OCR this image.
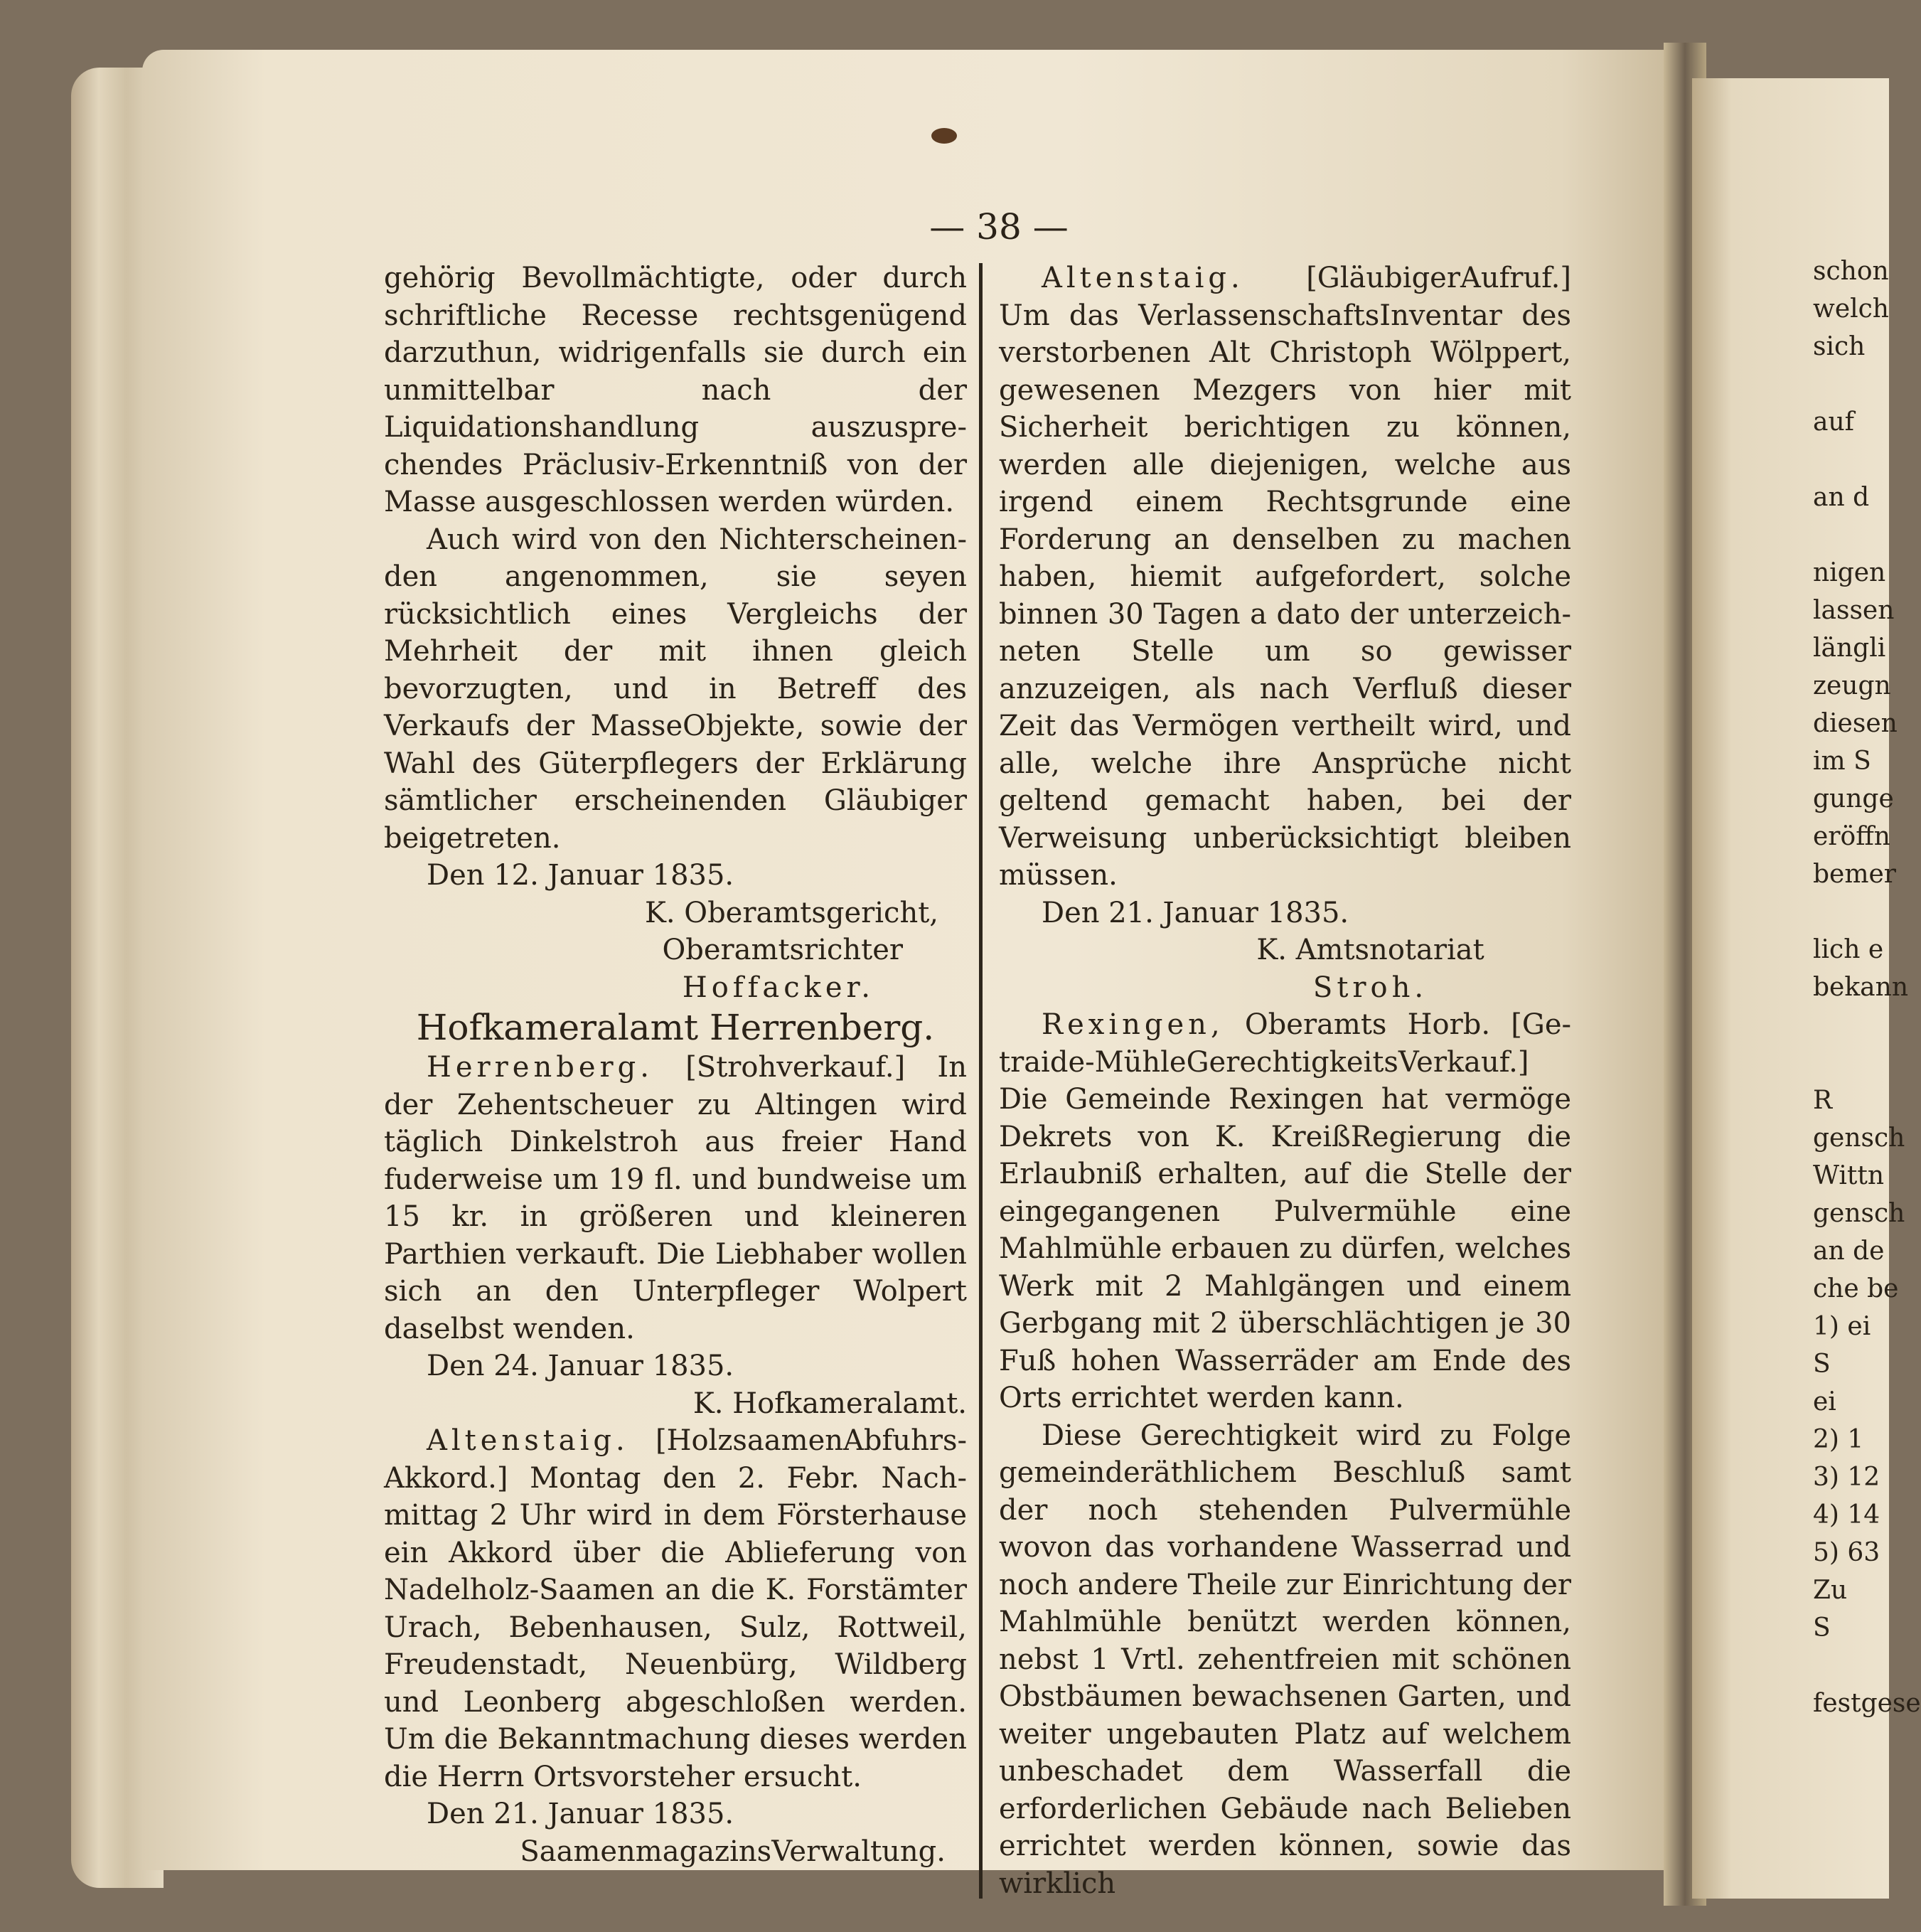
— 38 —

gehörig Bevollmächtigte, oder durch schriftliche Recesse rechtsgenügend darzuthun, widrigenfalls sie durch ein unmittelbar nach der Liquidationshandlung auszusprechendes Präclusiv-Erkenntniß von der Masse ausgeschlossen werden würden.

Auch wird von den Nichterscheinenden angenommen, sie seyen rücksichtlich eines Vergleichs der Mehrheit der mit ihnen gleich bevorzugten, und in Betreff des Verkaufs der MasseObjekte, sowie der Wahl des Güterpflegers der Erklärung sämtlicher erscheinenden Gläubiger beigetreten.

Den 12. Januar 1835.

K. Oberamtsgericht,

Oberamtsrichter

Hoffacker.

Hofkameralamt Herrenberg.

Herrenberg. [Strohverkauf.] In der Zehentscheuer zu Altingen wird täglich Dinkelstroh aus freier Hand fuderweise um 19 fl. und bundweise um 15 kr. in größeren und kleineren Parthien verkauft. Die Liebhaber wollen sich an den Unterpfleger Wolpert daselbst wenden.

Den 24. Januar 1835.

K. Hofkameralamt.

Altenstaig. [HolzsaamenAbfuhrsAkkord.] Montag den 2. Febr. Nachmittag 2 Uhr wird in dem Försterhause ein Akkord über die Ablieferung von Nadelholz-Saamen an die K. Forstämter Urach, Bebenhausen, Sulz, Rottweil, Freudenstadt, Neuenbürg, Wildberg und Leonberg abgeschloßen werden. Um die Bekanntmachung dieses werden die Herrn Ortsvorsteher ersucht.

Den 21. Januar 1835.

SaamenmagazinsVerwaltung.

Altenstaig. [GläubigerAufruf.] Um das VerlassenschaftsInventar des verstorbenen Alt Christoph Wölppert, gewesenen Mezgers von hier mit Sicherheit berichtigen zu können, werden alle diejenigen, welche aus irgend einem Rechtsgrunde eine Forderung an denselben zu machen haben, hiemit aufgefordert, solche binnen 30 Tagen a dato der unterzeichneten Stelle um so gewisser anzuzeigen, als nach Verfluß dieser Zeit das Vermögen vertheilt wird, und alle, welche ihre Ansprüche nicht geltend gemacht haben, bei der Verweisung unberücksichtigt bleiben müssen.

Den 21. Januar 1835.

K. Amtsnotariat

Stroh.

Rexingen, Oberamts Horb. [Getraide-MühleGerechtigkeitsVerkauf.] Die Gemeinde Rexingen hat vermöge Dekrets von K. KreißRegierung die Erlaubniß erhalten, auf die Stelle der eingegangenen Pulvermühle eine Mahlmühle erbauen zu dürfen, welches Werk mit 2 Mahlgängen und einem Gerbgang mit 2 überschlächtigen je 30 Fuß hohen Wasserräder am Ende des Orts errichtet werden kann.

Diese Gerechtigkeit wird zu Folge gemeinderäthlichem Beschluß samt der noch stehenden Pulvermühle wovon das vorhandene Wasserrad und noch andere Theile zur Einrichtung der Mahlmühle benützt werden können, nebst 1 Vrtl. zehentfreien mit schönen Obstbäumen bewachsenen Garten, und weiter ungebauten Platz auf welchem unbeschadet dem Wasserfall die erforderlichen Gebäude nach Belieben errichtet werden können, sowie das wirklich

schon
welch
sich
auf
an d
nigen
lassen
längli
zeugn
diesen
im S
gunge
eröffn
bemer
lich e
bekann
R
gensch
Wittn
gensch
an de
che be
1) ei
S
ei
2) 1
3) 12
4) 14
5) 63
Zu
S
festgese
